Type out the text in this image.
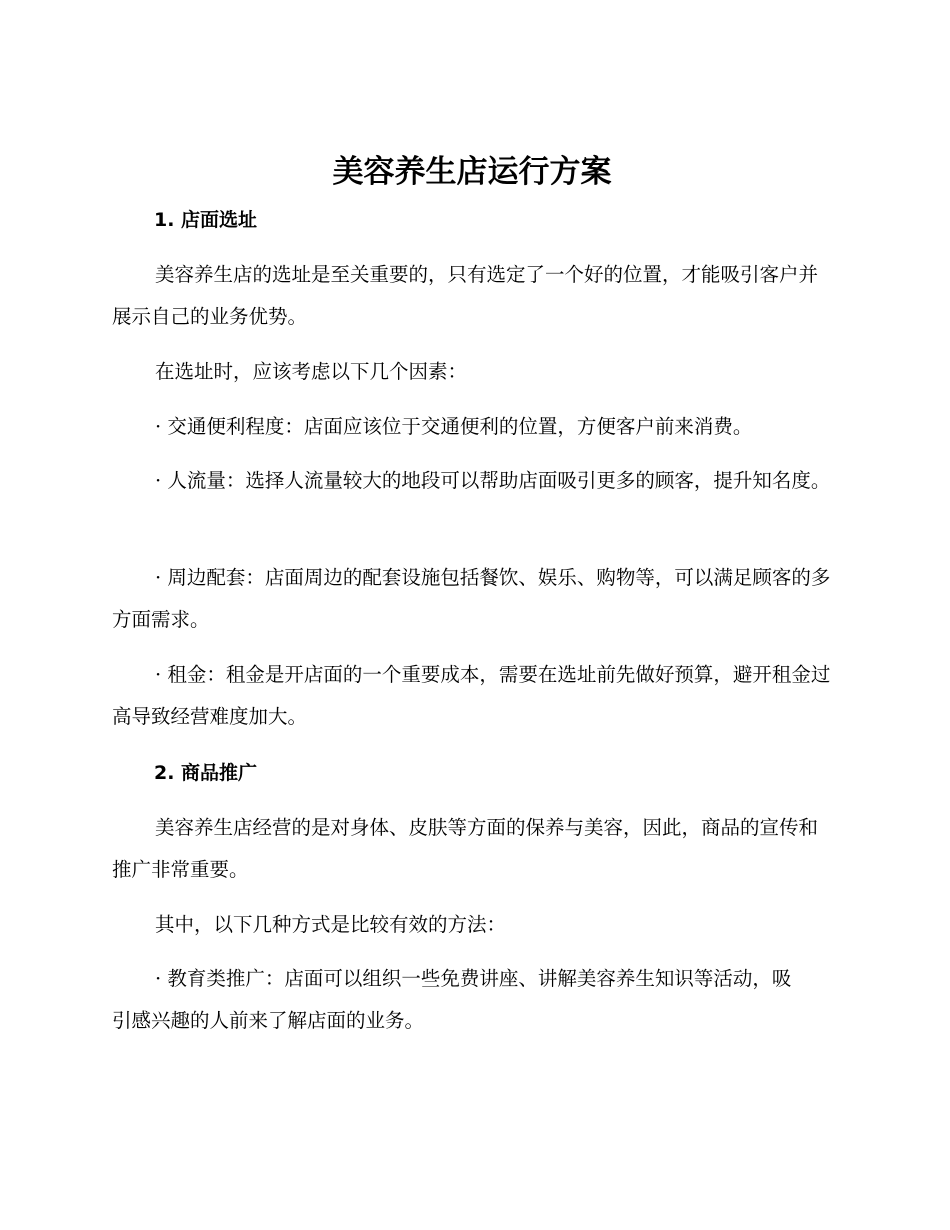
美容养生店运行方案
1. 店面选址

美容养生店的选址是至关重要的，只有选定了一个好的位置，才能吸引客户并展示自己的业务优势。

在选址时，应该考虑以下几个因素：

· 交通便利程度：店面应该位于交通便利的位置，方便客户前来消费。

· 人流量：选择人流量较大的地段可以帮助店面吸引更多的顾客，提升知名度。

· 周边配套：店面周边的配套设施包括餐饮、娱乐、购物等，可以满足顾客的多方面需求。

· 租金：租金是开店面的一个重要成本，需要在选址前先做好预算，避开租金过高导致经营难度加大。

2. 商品推广

美容养生店经营的是对身体、皮肤等方面的保养与美容，因此，商品的宣传和推广非常重要。

其中，以下几种方式是比较有效的方法：

· 教育类推广：店面可以组织一些免费讲座、讲解美容养生知识等活动，吸引感兴趣的人前来了解店面的业务。
